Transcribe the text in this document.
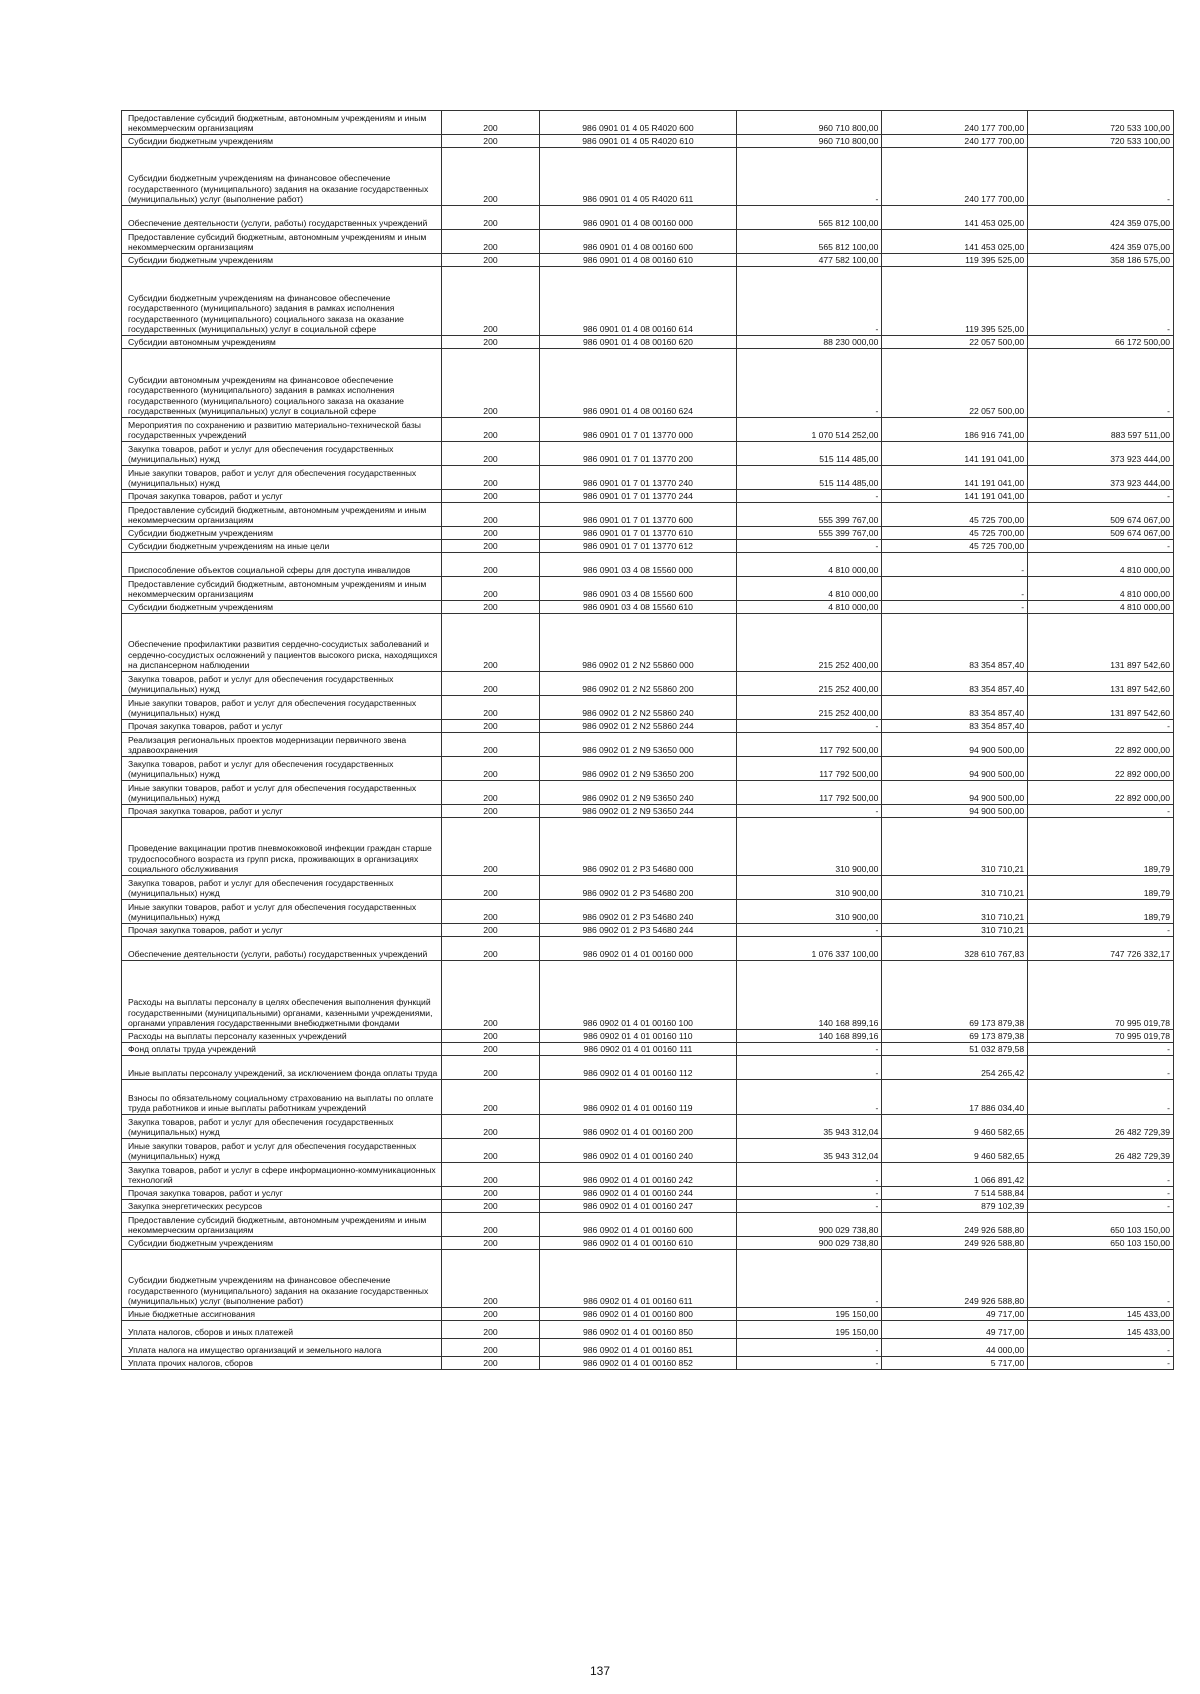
Предоставление субсидий бюджетным, автономным учреждениям и иным некоммерческим организациям	200	986 0901 01 4 05 R4020 600	960 710 800,00	240 177 700,00	720 533 100,00
Субсидии бюджетным учреждениям	200	986 0901 01 4 05 R4020 610	960 710 800,00	240 177 700,00	720 533 100,00
Субсидии бюджетным учреждениям на финансовое обеспечение государственного (муниципального) задания на оказание государственных (муниципальных) услуг (выполнение работ)	200	986 0901 01 4 05 R4020 611	-	240 177 700,00	-
Обеспечение деятельности (услуги, работы) государственных учреждений	200	986 0901 01 4 08 00160 000	565 812 100,00	141 453 025,00	424 359 075,00
Предоставление субсидий бюджетным, автономным учреждениям и иным некоммерческим организациям	200	986 0901 01 4 08 00160 600	565 812 100,00	141 453 025,00	424 359 075,00
Субсидии бюджетным учреждениям	200	986 0901 01 4 08 00160 610	477 582 100,00	119 395 525,00	358 186 575,00
Субсидии бюджетным учреждениям на финансовое обеспечение государственного (муниципального) задания в рамках исполнения государственного (муниципального) социального заказа на оказание государственных (муниципальных) услуг в социальной сфере	200	986 0901 01 4 08 00160 614	-	119 395 525,00	-
Субсидии автономным учреждениям	200	986 0901 01 4 08 00160 620	88 230 000,00	22 057 500,00	66 172 500,00
Субсидии автономным учреждениям на финансовое обеспечение государственного (муниципального) задания в рамках исполнения государственного (муниципального) социального заказа на оказание государственных (муниципальных) услуг в социальной сфере	200	986 0901 01 4 08 00160 624	-	22 057 500,00	-
Мероприятия по сохранению и развитию материально-технической базы государственных учреждений	200	986 0901 01 7 01 13770 000	1 070 514 252,00	186 916 741,00	883 597 511,00
Закупка товаров, работ и услуг для обеспечения государственных (муниципальных) нужд	200	986 0901 01 7 01 13770 200	515 114 485,00	141 191 041,00	373 923 444,00
Иные закупки товаров, работ и услуг для обеспечения государственных (муниципальных) нужд	200	986 0901 01 7 01 13770 240	515 114 485,00	141 191 041,00	373 923 444,00
Прочая закупка товаров, работ и услуг	200	986 0901 01 7 01 13770 244	-	141 191 041,00	-
Предоставление субсидий бюджетным, автономным учреждениям и иным некоммерческим организациям	200	986 0901 01 7 01 13770 600	555 399 767,00	45 725 700,00	509 674 067,00
Субсидии бюджетным учреждениям	200	986 0901 01 7 01 13770 610	555 399 767,00	45 725 700,00	509 674 067,00
Субсидии бюджетным учреждениям на иные цели	200	986 0901 01 7 01 13770 612	-	45 725 700,00	-
Приспособление объектов социальной сферы для доступа инвалидов	200	986 0901 03 4 08 15560 000	4 810 000,00	-	4 810 000,00
Предоставление субсидий бюджетным, автономным учреждениям и иным некоммерческим организациям	200	986 0901 03 4 08 15560 600	4 810 000,00	-	4 810 000,00
Субсидии бюджетным учреждениям	200	986 0901 03 4 08 15560 610	4 810 000,00	-	4 810 000,00
Обеспечение профилактики развития сердечно-сосудистых заболеваний и сердечно-сосудистых осложнений у пациентов высокого риска, находящихся на диспансерном наблюдении	200	986 0902 01 2 N2 55860 000	215 252 400,00	83 354 857,40	131 897 542,60
Закупка товаров, работ и услуг для обеспечения государственных (муниципальных) нужд	200	986 0902 01 2 N2 55860 200	215 252 400,00	83 354 857,40	131 897 542,60
Иные закупки товаров, работ и услуг для обеспечения государственных (муниципальных) нужд	200	986 0902 01 2 N2 55860 240	215 252 400,00	83 354 857,40	131 897 542,60
Прочая закупка товаров, работ и услуг	200	986 0902 01 2 N2 55860 244	-	83 354 857,40	-
Реализация региональных проектов модернизации первичного звена здравоохранения	200	986 0902 01 2 N9 53650 000	117 792 500,00	94 900 500,00	22 892 000,00
Закупка товаров, работ и услуг для обеспечения государственных (муниципальных) нужд	200	986 0902 01 2 N9 53650 200	117 792 500,00	94 900 500,00	22 892 000,00
Иные закупки товаров, работ и услуг для обеспечения государственных (муниципальных) нужд	200	986 0902 01 2 N9 53650 240	117 792 500,00	94 900 500,00	22 892 000,00
Прочая закупка товаров, работ и услуг	200	986 0902 01 2 N9 53650 244	-	94 900 500,00	-
Проведение вакцинации против пневмококковой инфекции граждан старше трудоспособного возраста из групп риска, проживающих в организациях социального обслуживания	200	986 0902 01 2 P3 54680 000	310 900,00	310 710,21	189,79
Закупка товаров, работ и услуг для обеспечения государственных (муниципальных) нужд	200	986 0902 01 2 P3 54680 200	310 900,00	310 710,21	189,79
Иные закупки товаров, работ и услуг для обеспечения государственных (муниципальных) нужд	200	986 0902 01 2 P3 54680 240	310 900,00	310 710,21	189,79
Прочая закупка товаров, работ и услуг	200	986 0902 01 2 P3 54680 244	-	310 710,21	-
Обеспечение деятельности (услуги, работы) государственных учреждений	200	986 0902 01 4 01 00160 000	1 076 337 100,00	328 610 767,83	747 726 332,17
Расходы на выплаты персоналу в целях обеспечения выполнения функций государственными (муниципальными) органами, казенными учреждениями, органами управления государственными внебюджетными фондами	200	986 0902 01 4 01 00160 100	140 168 899,16	69 173 879,38	70 995 019,78
Расходы на выплаты персоналу казенных учреждений	200	986 0902 01 4 01 00160 110	140 168 899,16	69 173 879,38	70 995 019,78
Фонд оплаты труда учреждений	200	986 0902 01 4 01 00160 111	-	51 032 879,58	-
Иные выплаты персоналу учреждений, за исключением фонда оплаты труда	200	986 0902 01 4 01 00160 112	-	254 265,42	-
Взносы по обязательному социальному страхованию на выплаты по оплате труда работников и иные выплаты работникам учреждений	200	986 0902 01 4 01 00160 119	-	17 886 034,40	-
Закупка товаров, работ и услуг для обеспечения государственных (муниципальных) нужд	200	986 0902 01 4 01 00160 200	35 943 312,04	9 460 582,65	26 482 729,39
Иные закупки товаров, работ и услуг для обеспечения государственных (муниципальных) нужд	200	986 0902 01 4 01 00160 240	35 943 312,04	9 460 582,65	26 482 729,39
Закупка товаров, работ и услуг в сфере информационно-коммуникационных технологий	200	986 0902 01 4 01 00160 242	-	1 066 891,42	-
Прочая закупка товаров, работ и услуг	200	986 0902 01 4 01 00160 244	-	7 514 588,84	-
Закупка энергетических ресурсов	200	986 0902 01 4 01 00160 247	-	879 102,39	-
Предоставление субсидий бюджетным, автономным учреждениям и иным некоммерческим организациям	200	986 0902 01 4 01 00160 600	900 029 738,80	249 926 588,80	650 103 150,00
Субсидии бюджетным учреждениям	200	986 0902 01 4 01 00160 610	900 029 738,80	249 926 588,80	650 103 150,00
Субсидии бюджетным учреждениям на финансовое обеспечение государственного (муниципального) задания на оказание государственных (муниципальных) услуг (выполнение работ)	200	986 0902 01 4 01 00160 611	-	249 926 588,80	-
Иные бюджетные ассигнования	200	986 0902 01 4 01 00160 800	195 150,00	49 717,00	145 433,00
Уплата налогов, сборов и иных платежей	200	986 0902 01 4 01 00160 850	195 150,00	49 717,00	145 433,00
Уплата налога на имущество организаций и земельного налога	200	986 0902 01 4 01 00160 851	-	44 000,00	-
Уплата прочих налогов, сборов	200	986 0902 01 4 01 00160 852	-	5 717,00	-
137
